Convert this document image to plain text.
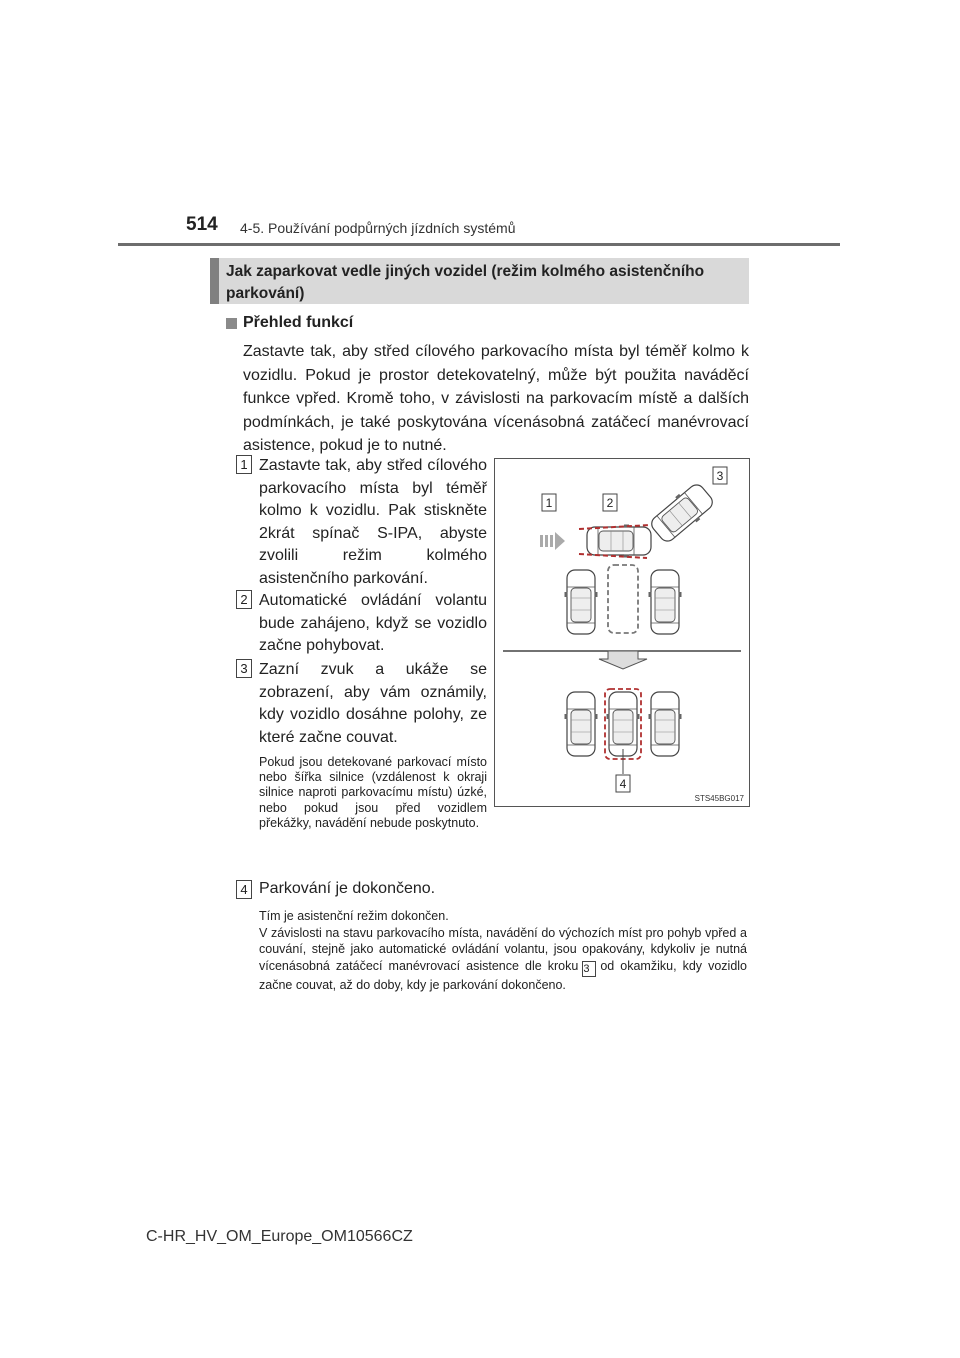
514 4-5. Používání podpůrných jízdních systémů
Jak zaparkovat vedle jiných vozidel (režim kolmého asistenčního parkování)
Přehled funkcí
Zastavte tak, aby střed cílového parkovacího místa byl téměř kolmo k vozidlu. Pokud je prostor detekovatelný, může být použita naváděcí funkce vpřed. Kromě toho, v závislosti na parkovacím místě a dalších podmínkách, je také poskytována vícenásobná zatáčecí manévrovací asistence, pokud je to nutné.
1 Zastavte tak, aby střed cílového parkovacího místa byl téměř kolmo k vozidlu. Pak stiskněte 2krát spínač S-IPA, abyste zvolili režim kolmého asistenčního parkování.
2 Automatické ovládání volantu bude zahájeno, když se vozidlo začne pohybovat.
3 Zazní zvuk a ukáže se zobrazení, aby vám oznámily, kdy vozidlo dosáhne polohy, ze které začne couvat.
Pokud jsou detekované parkovací místo nebo šířka silnice (vzdálenost k okraji silnice naproti parkovacímu místu) úzké, nebo pokud jsou před vozidlem překážky, navádění nebude poskytnuto.
4 Parkování je dokončeno.
Tím je asistenční režim dokončen.
V závislosti na stavu parkovacího místa, navádění do výchozích míst pro pohyb vpřed a couvání, stejně jako automatické ovládání volantu, jsou opakovány, kdykoliv je nutná vícenásobná zatáčecí manévrovací asistence dle kroku 3 od okamžiku, kdy vozidlo začne couvat, až do doby, kdy je parkování dokončeno.
1	2
3
4
STS45BG017
C-HR_HV_OM_Europe_OM10566CZ
